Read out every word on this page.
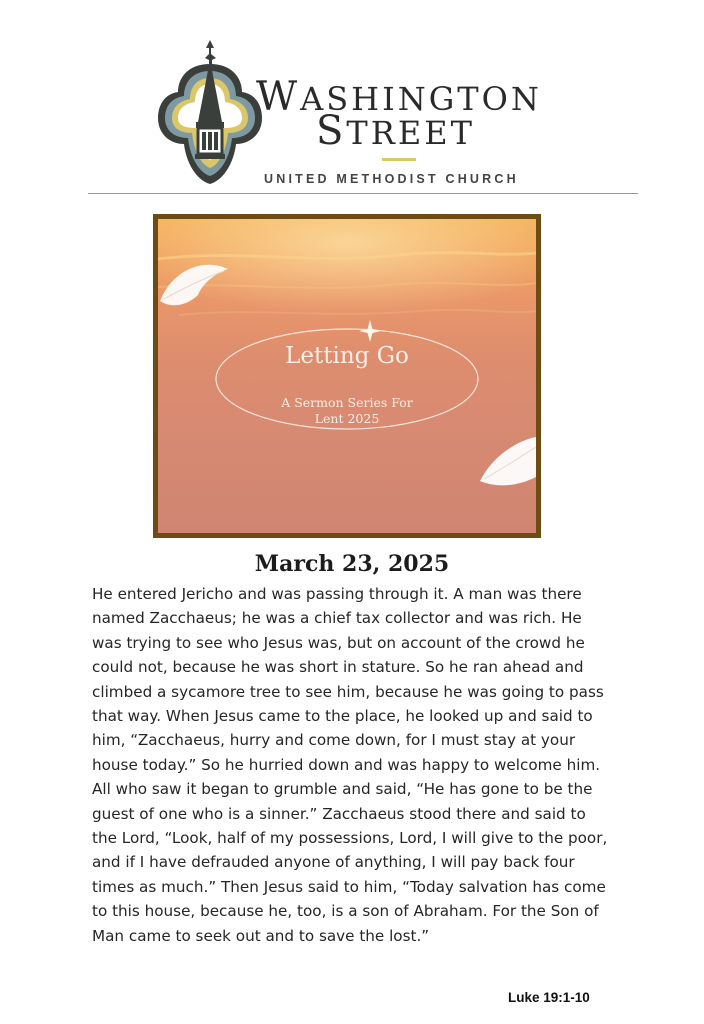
WASHINGTON
STREET
UNITED METHODIST CHURCH
Letting Go
A Sermon Series For
Lent 2025
March 23, 2025

He entered Jericho and was passing through it. A man was there named Zacchaeus; he was a chief tax collector and was rich. He was trying to see who Jesus was, but on account of the crowd he could not, because he was short in stature. So he ran ahead and climbed a sycamore tree to see him, because he was going to pass that way. When Jesus came to the place, he looked up and said to him, “Zacchaeus, hurry and come down, for I must stay at your house today.” So he hurried down and was happy to welcome him. All who saw it began to grumble and said, “He has gone to be the guest of one who is a sinner.” Zacchaeus stood there and said to the Lord, “Look, half of my possessions, Lord, I will give to the poor, and if I have defrauded anyone of anything, I will pay back four times as much.” Then Jesus said to him, “Today salvation has come to this house, because he, too, is a son of Abraham. For the Son of Man came to seek out and to save the lost.”

Luke 19:1-10
